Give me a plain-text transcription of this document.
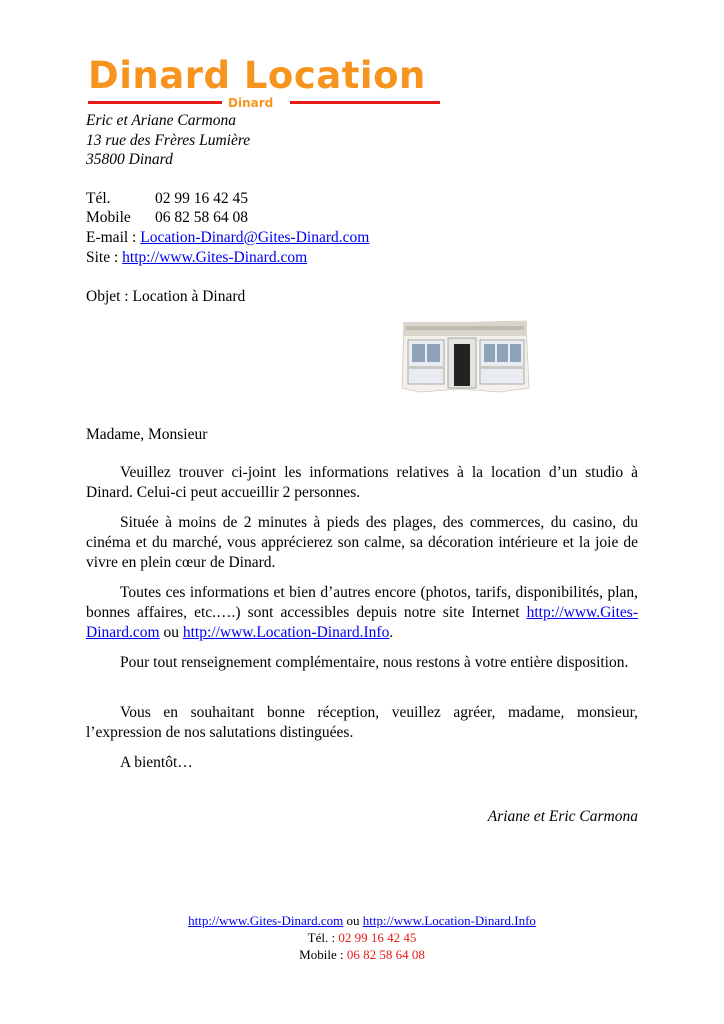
Dinard Location
Dinard
Eric et Ariane Carmona
13 rue des Frères Lumière
35800 Dinard
Tél.	02 99 16 42 45
Mobile 06 82 58 64 08
E-mail : Location-Dinard@Gites-Dinard.com
Site : http://www.Gites-Dinard.com
Objet : Location à Dinard
Madame, Monsieur
Veuillez trouver ci-joint les informations relatives à la location d’un studio à Dinard. Celui-ci peut accueillir 2 personnes.
Située à moins de 2 minutes à pieds des plages, des commerces, du casino, du cinéma et du marché, vous apprécierez son calme, sa décoration intérieure et la joie de vivre en plein cœur de Dinard.
Toutes ces informations et bien d’autres encore (photos, tarifs, disponibilités, plan, bonnes affaires, etc.….) sont accessibles depuis notre site Internet http://www.Gites-Dinard.com ou http://www.Location-Dinard.Info.
Pour tout renseignement complémentaire, nous restons à votre entière disposition.
Vous en souhaitant bonne réception, veuillez agréer, madame, monsieur, l’expression de nos salutations distinguées.
A bientôt…
Ariane et Eric Carmona
http://www.Gites-Dinard.com ou http://www.Location-Dinard.Info
Tél. : 02 99 16 42 45
Mobile : 06 82 58 64 08
